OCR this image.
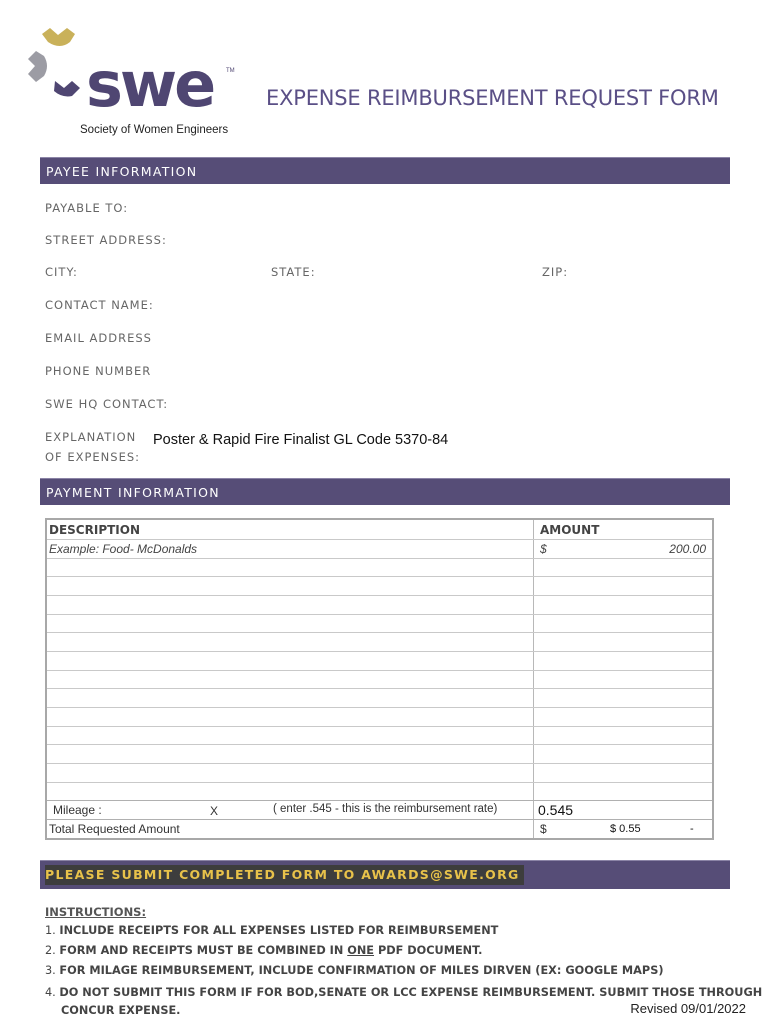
swe TM
Society of Women Engineers
EXPENSE REIMBURSEMENT REQUEST FORM
PAYEE INFORMATION
PAYABLE TO:
STREET ADDRESS:
CITY:	STATE:	ZIP:
CONTACT NAME:
EMAIL ADDRESS
PHONE NUMBER
SWE HQ CONTACT:
EXPLANATION
OF EXPENSES:
Poster & Rapid Fire Finalist GL Code 5370-84
PAYMENT INFORMATION
DESCRIPTION	AMOUNT
Example: Food- McDonalds	$	200.00
Mileage :	X	( enter .545 - this is the reimbursement rate)	0.545
Total Requested Amount	$	$ 0.55	-
PLEASE SUBMIT COMPLETED FORM TO AWARDS@SWE.ORG
INSTRUCTIONS:
1. INCLUDE RECEIPTS FOR ALL EXPENSES LISTED FOR REIMBURSEMENT
2. FORM AND RECEIPTS MUST BE COMBINED IN ONE PDF DOCUMENT.
3. FOR MILAGE REIMBURSEMENT, INCLUDE CONFIRMATION OF MILES DIRVEN (EX: GOOGLE MAPS)
4. DO NOT SUBMIT THIS FORM IF FOR BOD,SENATE OR LCC EXPENSE REIMBURSEMENT. SUBMIT THOSE THROUGH
CONCUR EXPENSE.	Revised 09/01/2022
